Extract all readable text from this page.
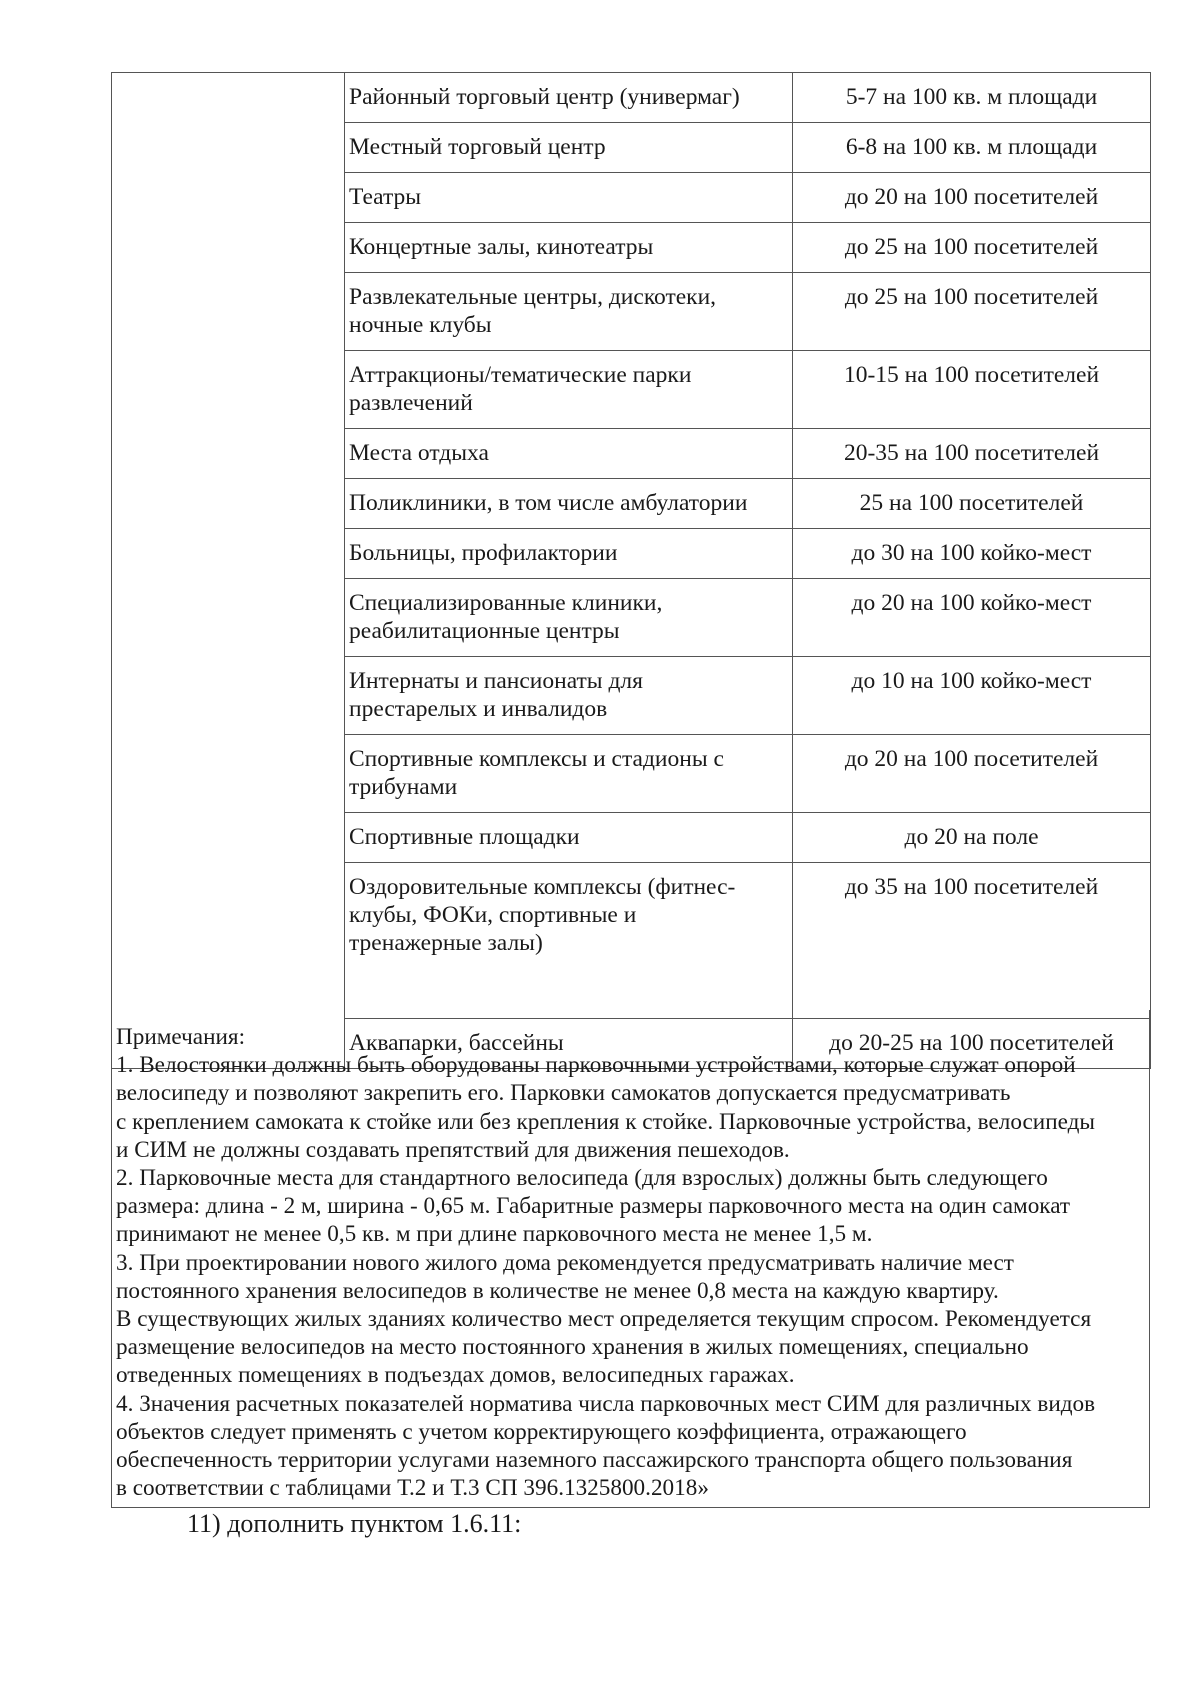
	Районный торговый центр (универмаг)	5-7 на 100 кв. м площади

	Местный торговый центр	6-8 на 100 кв. м площади

	Театры	до 20 на 100 посетителей

	Концертные залы, кинотеатры	до 25 на 100 посетителей

	Развлекательные центры, дискотеки,
ночные клубы	до 25 на 100 посетителей

	Аттракционы/тематические парки
развлечений	10-15 на 100 посетителей

	Места отдыха	20-35 на 100 посетителей

	Поликлиники, в том числе амбулатории	25 на 100 посетителей

	Больницы, профилактории	до 30 на 100 койко-мест

	Специализированные клиники,
реабилитационные центры	до 20 на 100 койко-мест

	Интернаты и пансионаты для
престарелых и инвалидов	до 10 на 100 койко-мест

	Спортивные комплексы и стадионы с
трибунами	до 20 на 100 посетителей

	Спортивные площадки	до 20 на поле

	Оздоровительные комплексы (фитнес-
клубы, ФОКи, спортивные и
тренажерные залы)	до 35 на 100 посетителей

	Аквапарки, бассейны	до 20-25 на 100 посетителей
Примечания:
1. Велостоянки должны быть оборудованы парковочными устройствами, которые служат опорой
велосипеду и позволяют закрепить его. Парковки самокатов допускается предусматривать
с креплением самоката к стойке или без крепления к стойке. Парковочные устройства, велосипеды
и СИМ не должны создавать препятствий для движения пешеходов.
2. Парковочные места для стандартного велосипеда (для взрослых) должны быть следующего
размера: длина - 2 м, ширина - 0,65 м. Габаритные размеры парковочного места на один самокат
принимают не менее 0,5 кв. м при длине парковочного места не менее 1,5 м.
3. При проектировании нового жилого дома рекомендуется предусматривать наличие мест
постоянного хранения велосипедов в количестве не менее 0,8 места на каждую квартиру.
В существующих жилых зданиях количество мест определяется текущим спросом. Рекомендуется
размещение велосипедов на место постоянного хранения в жилых помещениях, специально
отведенных помещениях в подъездах домов, велосипедных гаражах.
4. Значения расчетных показателей норматива числа парковочных мест СИМ для различных видов
объектов следует применять с учетом корректирующего коэффициента, отражающего
обеспеченность территории услугами наземного пассажирского транспорта общего пользования
в соответствии с таблицами Т.2 и Т.3 СП 396.1325800.2018»
11) дополнить пунктом 1.6.11:
